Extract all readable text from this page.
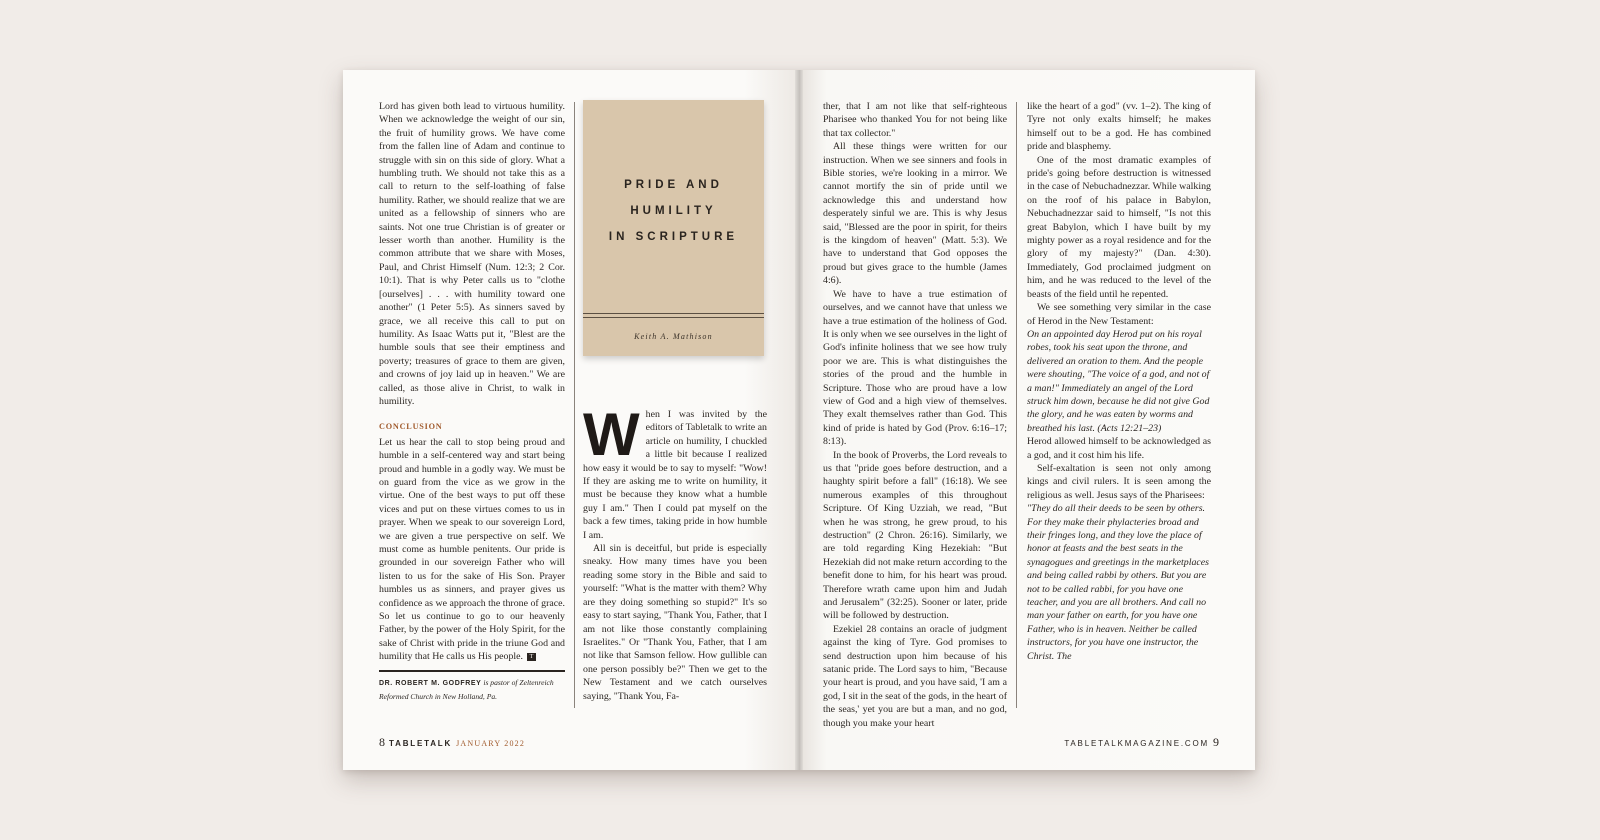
Lord has given both lead to virtuous humility. When we acknowledge the weight of our sin, the fruit of humility grows. We have come from the fallen line of Adam and continue to struggle with sin on this side of glory. What a humbling truth. We should not take this as a call to return to the self-loathing of false humility. Rather, we should realize that we are united as a fellowship of sinners who are saints. Not one true Christian is of greater or lesser worth than another. Humility is the common attribute that we share with Moses, Paul, and Christ Himself (Num. 12:3; 2 Cor. 10:1). That is why Peter calls us to "clothe [ourselves] . . . with humility toward one another" (1 Peter 5:5). As sinners saved by grace, we all receive this call to put on humility. As Isaac Watts put it, "Blest are the humble souls that see their emptiness and poverty; treasures of grace to them are given, and crowns of joy laid up in heaven." We are called, as those alive in Christ, to walk in humility.

CONCLUSION

Let us hear the call to stop being proud and humble in a self-centered way and start being proud and humble in a godly way. We must be on guard from the vice as we grow in the virtue. One of the best ways to put off these vices and put on these virtues comes to us in prayer. When we speak to our sovereign Lord, we are given a true perspective on self. We must come as humble penitents. Our pride is grounded in our sovereign Father who will listen to us for the sake of His Son. Prayer humbles us as sinners, and prayer gives us confidence as we approach the throne of grace. So let us continue to go to our heavenly Father, by the power of the Holy Spirit, for the sake of Christ with pride in the triune God and humility that He calls us His people. T

DR. ROBERT M. GODFREY is pastor of Zeltenreich Reformed Church in New Holland, Pa.
PRIDE AND
HUMILITY
IN SCRIPTURE
Keith A. Mathison
W hen I was invited by the editors of Tabletalk to write an article on humility, I chuckled a little bit because I realized how easy it would be to say to myself: "Wow! If they are asking me to write on humility, it must be because they know what a humble guy I am." Then I could pat myself on the back a few times, taking pride in how humble I am.

All sin is deceitful, but pride is especially sneaky. How many times have you been reading some story in the Bible and said to yourself: "What is the matter with them? Why are they doing something so stupid?" It's so easy to start saying, "Thank You, Father, that I am not like those constantly complaining Israelites." Or "Thank You, Father, that I am not like that Samson fellow. How gullible can one person possibly be?" Then we get to the New Testament and we catch ourselves saying, "Thank You, Fa-

8 TABLETALK JANUARY 2022

ther, that I am not like that self-righteous Pharisee who thanked You for not being like that tax collector."

All these things were written for our instruction. When we see sinners and fools in Bible stories, we're looking in a mirror. We cannot mortify the sin of pride until we acknowledge this and understand how desperately sinful we are. This is why Jesus said, "Blessed are the poor in spirit, for theirs is the kingdom of heaven" (Matt. 5:3). We have to understand that God opposes the proud but gives grace to the humble (James 4:6).

We have to have a true estimation of ourselves, and we cannot have that unless we have a true estimation of the holiness of God. It is only when we see ourselves in the light of God's infinite holiness that we see how truly poor we are. This is what distinguishes the stories of the proud and the humble in Scripture. Those who are proud have a low view of God and a high view of themselves. They exalt themselves rather than God. This kind of pride is hated by God (Prov. 6:16–17; 8:13).

In the book of Proverbs, the Lord reveals to us that "pride goes before destruction, and a haughty spirit before a fall" (16:18). We see numerous examples of this throughout Scripture. Of King Uzziah, we read, "But when he was strong, he grew proud, to his destruction" (2 Chron. 26:16). Similarly, we are told regarding King Hezekiah: "But Hezekiah did not make return according to the benefit done to him, for his heart was proud. Therefore wrath came upon him and Judah and Jerusalem" (32:25). Sooner or later, pride will be followed by destruction.

Ezekiel 28 contains an oracle of judgment against the king of Tyre. God promises to send destruction upon him because of his satanic pride. The Lord says to him, "Because your heart is proud, and you have said, 'I am a god, I sit in the seat of the gods, in the heart of the seas,' yet you are but a man, and no god, though you make your heart

like the heart of a god" (vv. 1–2). The king of Tyre not only exalts himself; he makes himself out to be a god. He has combined pride and blasphemy.

One of the most dramatic examples of pride's going before destruction is witnessed in the case of Nebuchadnezzar. While walking on the roof of his palace in Babylon, Nebuchadnezzar said to himself, "Is not this great Babylon, which I have built by my mighty power as a royal residence and for the glory of my majesty?" (Dan. 4:30). Immediately, God proclaimed judgment on him, and he was reduced to the level of the beasts of the field until he repented.

We see something very similar in the case of Herod in the New Testament:

On an appointed day Herod put on his royal robes, took his seat upon the throne, and delivered an oration to them. And the people were shouting, "The voice of a god, and not of a man!" Immediately an angel of the Lord struck him down, because he did not give God the glory, and he was eaten by worms and breathed his last. (Acts 12:21–23)

Herod allowed himself to be acknowledged as a god, and it cost him his life.

Self-exaltation is seen not only among kings and civil rulers. It is seen among the religious as well. Jesus says of the Pharisees:

"They do all their deeds to be seen by others. For they make their phylacteries broad and their fringes long, and they love the place of honor at feasts and the best seats in the synagogues and greetings in the marketplaces and being called rabbi by others. But you are not to be called rabbi, for you have one teacher, and you are all brothers. And call no man your father on earth, for you have one Father, who is in heaven. Neither be called instructors, for you have one instructor, the Christ. The

TABLETALKMAGAZINE.COM 9
